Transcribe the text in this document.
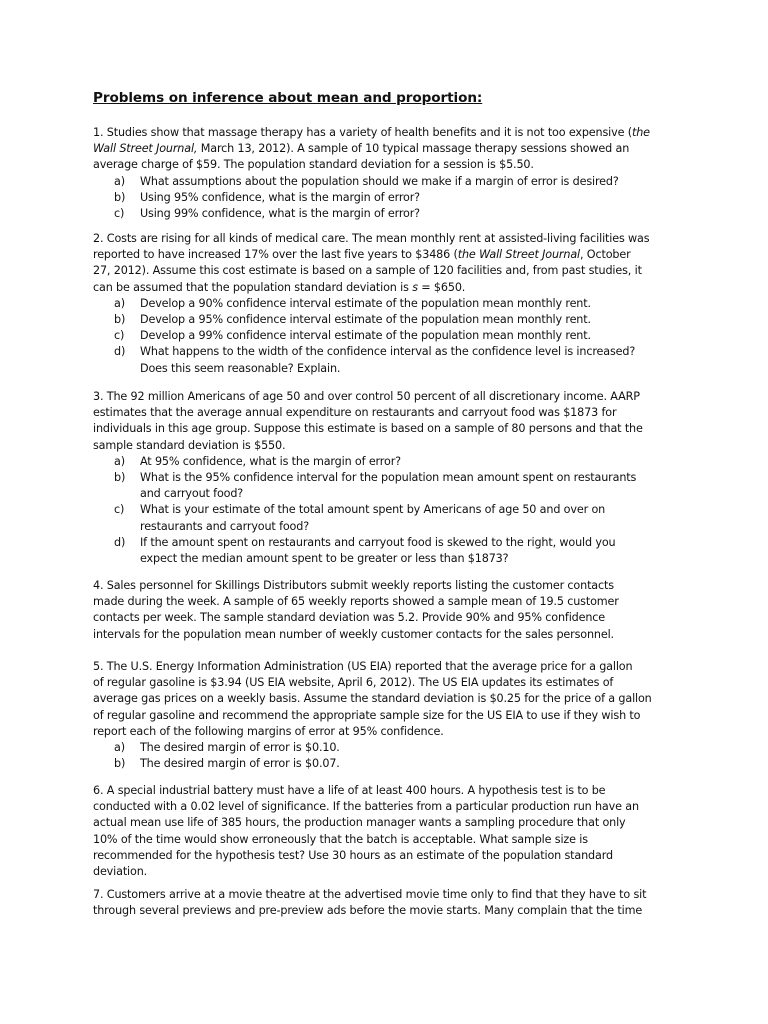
Problems on inference about mean and proportion:
1. Studies show that massage therapy has a variety of health benefits and it is not too expensive (the
Wall Street Journal, March 13, 2012). A sample of 10 typical massage therapy sessions showed an
average charge of $59. The population standard deviation for a session is $5.50.
a) What assumptions about the population should we make if a margin of error is desired?
b) Using 95% confidence, what is the margin of error?
c) Using 99% confidence, what is the margin of error?
2. Costs are rising for all kinds of medical care. The mean monthly rent at assisted-living facilities was
reported to have increased 17% over the last five years to $3486 (the Wall Street Journal, October
27, 2012). Assume this cost estimate is based on a sample of 120 facilities and, from past studies, it
can be assumed that the population standard deviation is s = $650.
a) Develop a 90% confidence interval estimate of the population mean monthly rent.
b) Develop a 95% confidence interval estimate of the population mean monthly rent.
c) Develop a 99% confidence interval estimate of the population mean monthly rent.
d) What happens to the width of the confidence interval as the confidence level is increased?
Does this seem reasonable? Explain.
3. The 92 million Americans of age 50 and over control 50 percent of all discretionary income. AARP
estimates that the average annual expenditure on restaurants and carryout food was $1873 for
individuals in this age group. Suppose this estimate is based on a sample of 80 persons and that the
sample standard deviation is $550.
a) At 95% confidence, what is the margin of error?
b) What is the 95% confidence interval for the population mean amount spent on restaurants
and carryout food?
c) What is your estimate of the total amount spent by Americans of age 50 and over on
restaurants and carryout food?
d) If the amount spent on restaurants and carryout food is skewed to the right, would you
expect the median amount spent to be greater or less than $1873?
4. Sales personnel for Skillings Distributors submit weekly reports listing the customer contacts
made during the week. A sample of 65 weekly reports showed a sample mean of 19.5 customer
contacts per week. The sample standard deviation was 5.2. Provide 90% and 95% confidence
intervals for the population mean number of weekly customer contacts for the sales personnel.
5. The U.S. Energy Information Administration (US EIA) reported that the average price for a gallon
of regular gasoline is $3.94 (US EIA website, April 6, 2012). The US EIA updates its estimates of
average gas prices on a weekly basis. Assume the standard deviation is $0.25 for the price of a gallon
of regular gasoline and recommend the appropriate sample size for the US EIA to use if they wish to
report each of the following margins of error at 95% confidence.
a) The desired margin of error is $0.10.
b) The desired margin of error is $0.07.
6. A special industrial battery must have a life of at least 400 hours. A hypothesis test is to be
conducted with a 0.02 level of significance. If the batteries from a particular production run have an
actual mean use life of 385 hours, the production manager wants a sampling procedure that only
10% of the time would show erroneously that the batch is acceptable. What sample size is
recommended for the hypothesis test? Use 30 hours as an estimate of the population standard
deviation.
7. Customers arrive at a movie theatre at the advertised movie time only to find that they have to sit
through several previews and pre-preview ads before the movie starts. Many complain that the time
